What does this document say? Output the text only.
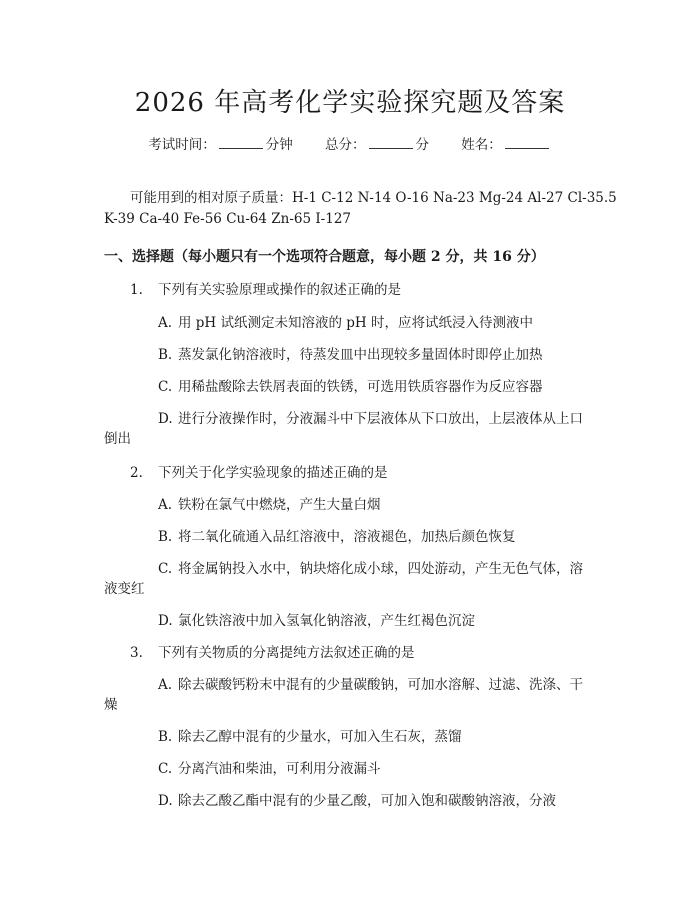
2026 年高考化学实验探究题及答案
考试时间：	分钟 总分：	分 姓名：
可能用到的相对原子质量：H-1 C-12 N-14 O-16 Na-23 Mg-24 Al-27 Cl-35.5
K-39 Ca-40 Fe-56 Cu-64 Zn-65 I-127
一、选择题（每小题只有一个选项符合题意，每小题 2 分，共 16 分）
1. 下列有关实验原理或操作的叙述正确的是
A. 用 pH 试纸测定未知溶液的 pH 时，应将试纸浸入待测液中
B. 蒸发氯化钠溶液时，待蒸发皿中出现较多量固体时即停止加热
C. 用稀盐酸除去铁屑表面的铁锈，可选用铁质容器作为反应容器
D. 进行分液操作时，分液漏斗中下层液体从下口放出，上层液体从上口
倒出
2. 下列关于化学实验现象的描述正确的是
A. 铁粉在氯气中燃烧，产生大量白烟
B. 将二氧化硫通入品红溶液中，溶液褪色，加热后颜色恢复
C. 将金属钠投入水中，钠块熔化成小球，四处游动，产生无色气体，溶
液变红
D. 氯化铁溶液中加入氢氧化钠溶液，产生红褐色沉淀
3. 下列有关物质的分离提纯方法叙述正确的是
A. 除去碳酸钙粉末中混有的少量碳酸钠，可加水溶解、过滤、洗涤、干
燥
B. 除去乙醇中混有的少量水，可加入生石灰，蒸馏
C. 分离汽油和柴油，可利用分液漏斗
D. 除去乙酸乙酯中混有的少量乙酸，可加入饱和碳酸钠溶液，分液
